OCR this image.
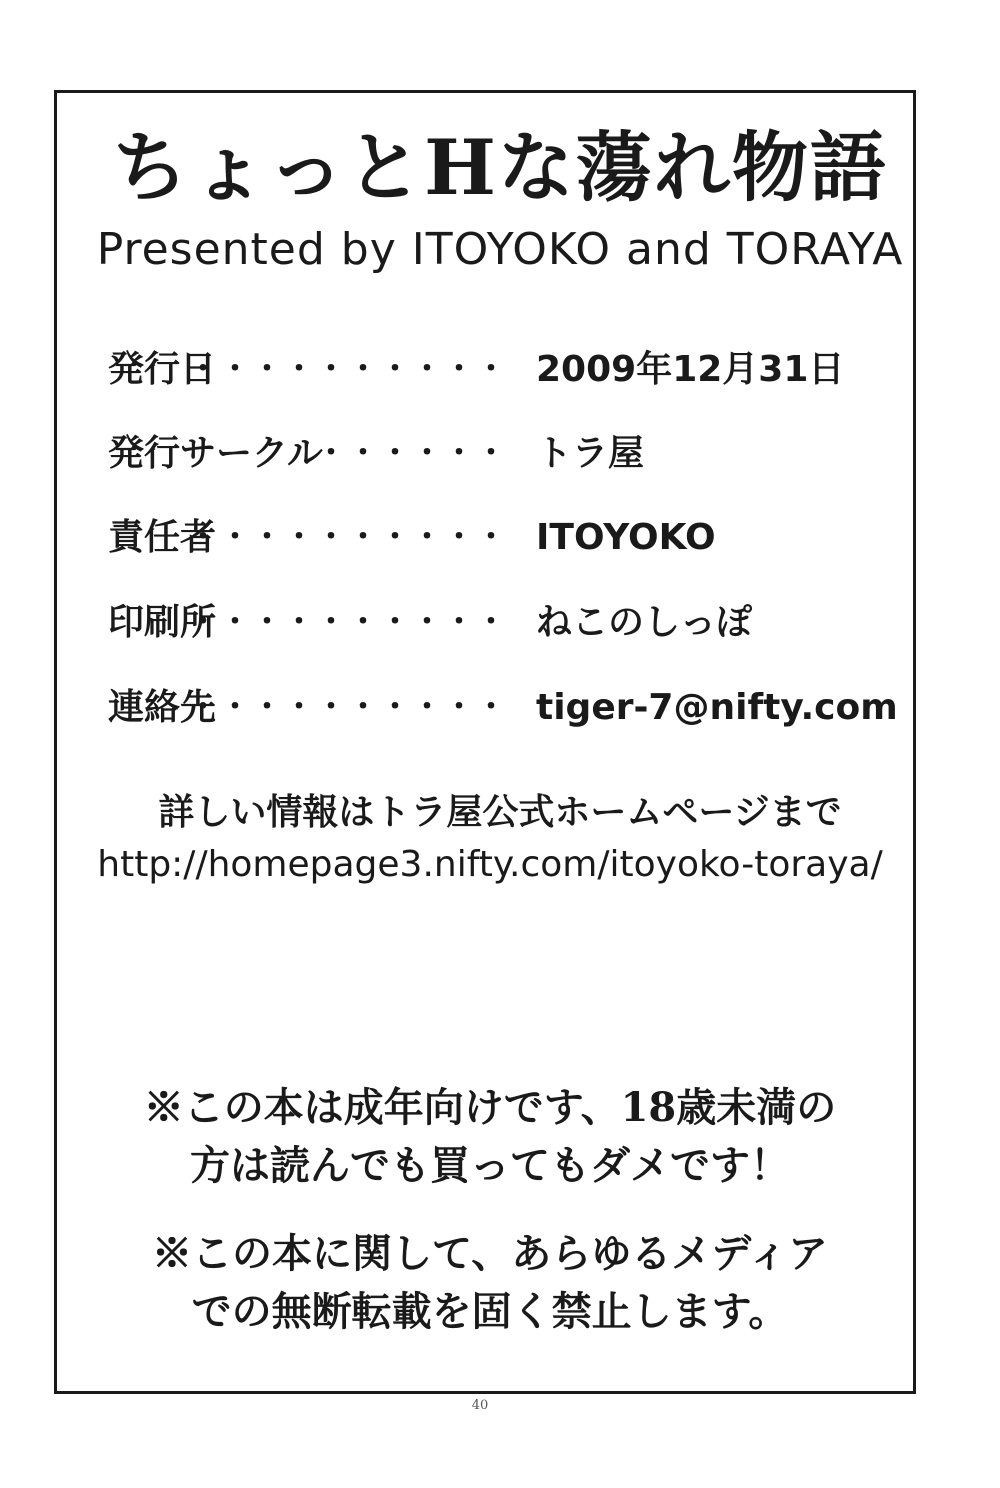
ちょっとHな蕩れ物語
Presented by ITOYOKO and TORAYA
発行日
・・・・・・・・・・ 2009年12月31日
発行サークル
・・・・・・ トラ屋
責任者
・・・・・・・・・・ ITOYOKO
印刷所
・・・・・・・・・・ ねこのしっぽ
連絡先
・・・・・・・・・・ tiger-7@nifty.com
詳しい情報はトラ屋公式ホームページまで
http://homepage3.nifty.com/itoyoko-toraya/
※この本は成年向けです、18歳未満の
方は読んでも買ってもダメです！
※この本に関して、あらゆるメディア
での無断転載を固く禁止します。
40
